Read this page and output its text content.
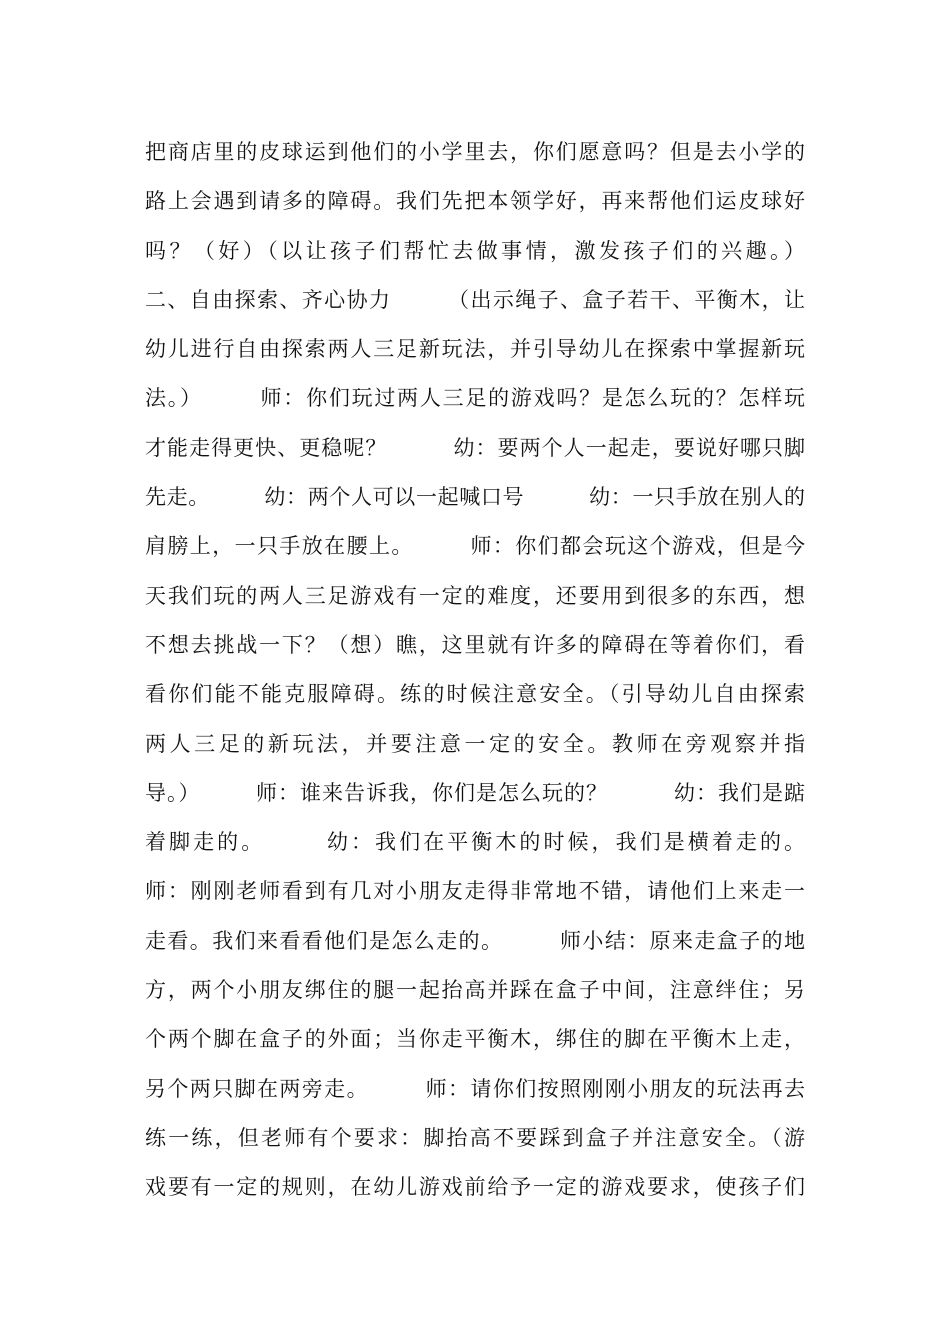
把商店里的皮球运到他们的小学里去，你们愿意吗？但是去小学的
路上会遇到请多的障碍。我们先把本领学好，再来帮他们运皮球好
吗？（好）（以让孩子们帮忙去做事情，激发孩子们的兴趣。）
二、自由探索、齐心协力　　　（出示绳子、盒子若干、平衡木，让
幼儿进行自由探索两人三足新玩法，并引导幼儿在探索中掌握新玩
法。）　　　师：你们玩过两人三足的游戏吗？是怎么玩的？怎样玩
才能走得更快、更稳呢？　　　幼：要两个人一起走，要说好哪只脚
先走。　　　幼：两个人可以一起喊口号　　　幼：一只手放在别人的
肩膀上，一只手放在腰上。　　　师：你们都会玩这个游戏，但是今
天我们玩的两人三足游戏有一定的难度，还要用到很多的东西，想
不想去挑战一下？（想）瞧，这里就有许多的障碍在等着你们，看
看你们能不能克服障碍。练的时候注意安全。（引导幼儿自由探索
两人三足的新玩法，并要注意一定的安全。教师在旁观察并指
导。）　　　师：谁来告诉我，你们是怎么玩的？　　　幼：我们是踮
着脚走的。　　　幼：我们在平衡木的时候，我们是横着走的。
师：刚刚老师看到有几对小朋友走得非常地不错，请他们上来走一
走看。我们来看看他们是怎么走的。　　　师小结：原来走盒子的地
方，两个小朋友绑住的腿一起抬高并踩在盒子中间，注意绊住；另
个两个脚在盒子的外面；当你走平衡木，绑住的脚在平衡木上走，
另个两只脚在两旁走。　　　师：请你们按照刚刚小朋友的玩法再去
练一练，但老师有个要求：脚抬高不要踩到盒子并注意安全。（游
戏要有一定的规则，在幼儿游戏前给予一定的游戏要求，使孩子们
